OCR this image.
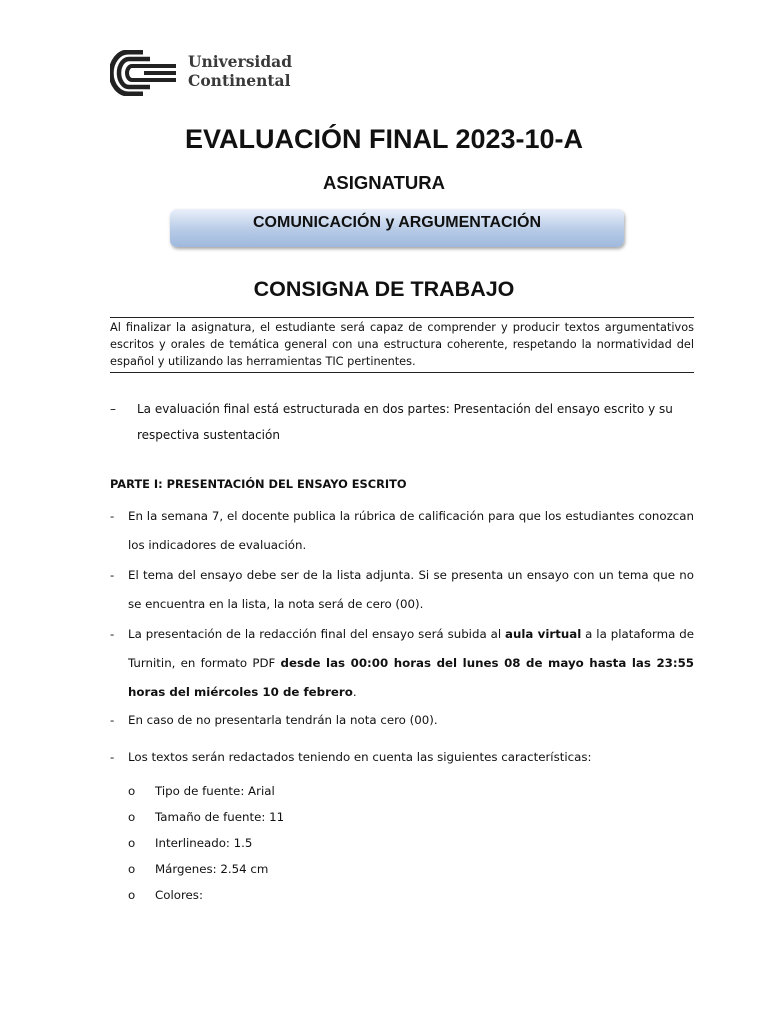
Universidad
Continental
EVALUACIÓN FINAL 2023-10-A
ASIGNATURA
COMUNICACIÓN y ARGUMENTACIÓN
CONSIGNA DE TRABAJO
Al finalizar la asignatura, el estudiante será capaz de comprender y producir textos argumentativos escritos y orales de temática general con una estructura coherente, respetando la normatividad del español y utilizando las herramientas TIC pertinentes.
– La evaluación final está estructurada en dos partes: Presentación del ensayo escrito y su respectiva sustentación
PARTE I: PRESENTACIÓN DEL ENSAYO ESCRITO
- En la semana 7, el docente publica la rúbrica de calificación para que los estudiantes conozcan los indicadores de evaluación.
- El tema del ensayo debe ser de la lista adjunta. Si se presenta un ensayo con un tema que no se encuentra en la lista, la nota será de cero (00).
- La presentación de la redacción final del ensayo será subida al aula virtual a la plataforma de Turnitin, en formato PDF desde las 00:00 horas del lunes 08 de mayo hasta las 23:55 horas del miércoles 10 de febrero.
- En caso de no presentarla tendrán la nota cero (00).
- Los textos serán redactados teniendo en cuenta las siguientes características:
o Tipo de fuente: Arial
o Tamaño de fuente: 11
o Interlineado: 1.5
o Márgenes: 2.54 cm
o Colores:
